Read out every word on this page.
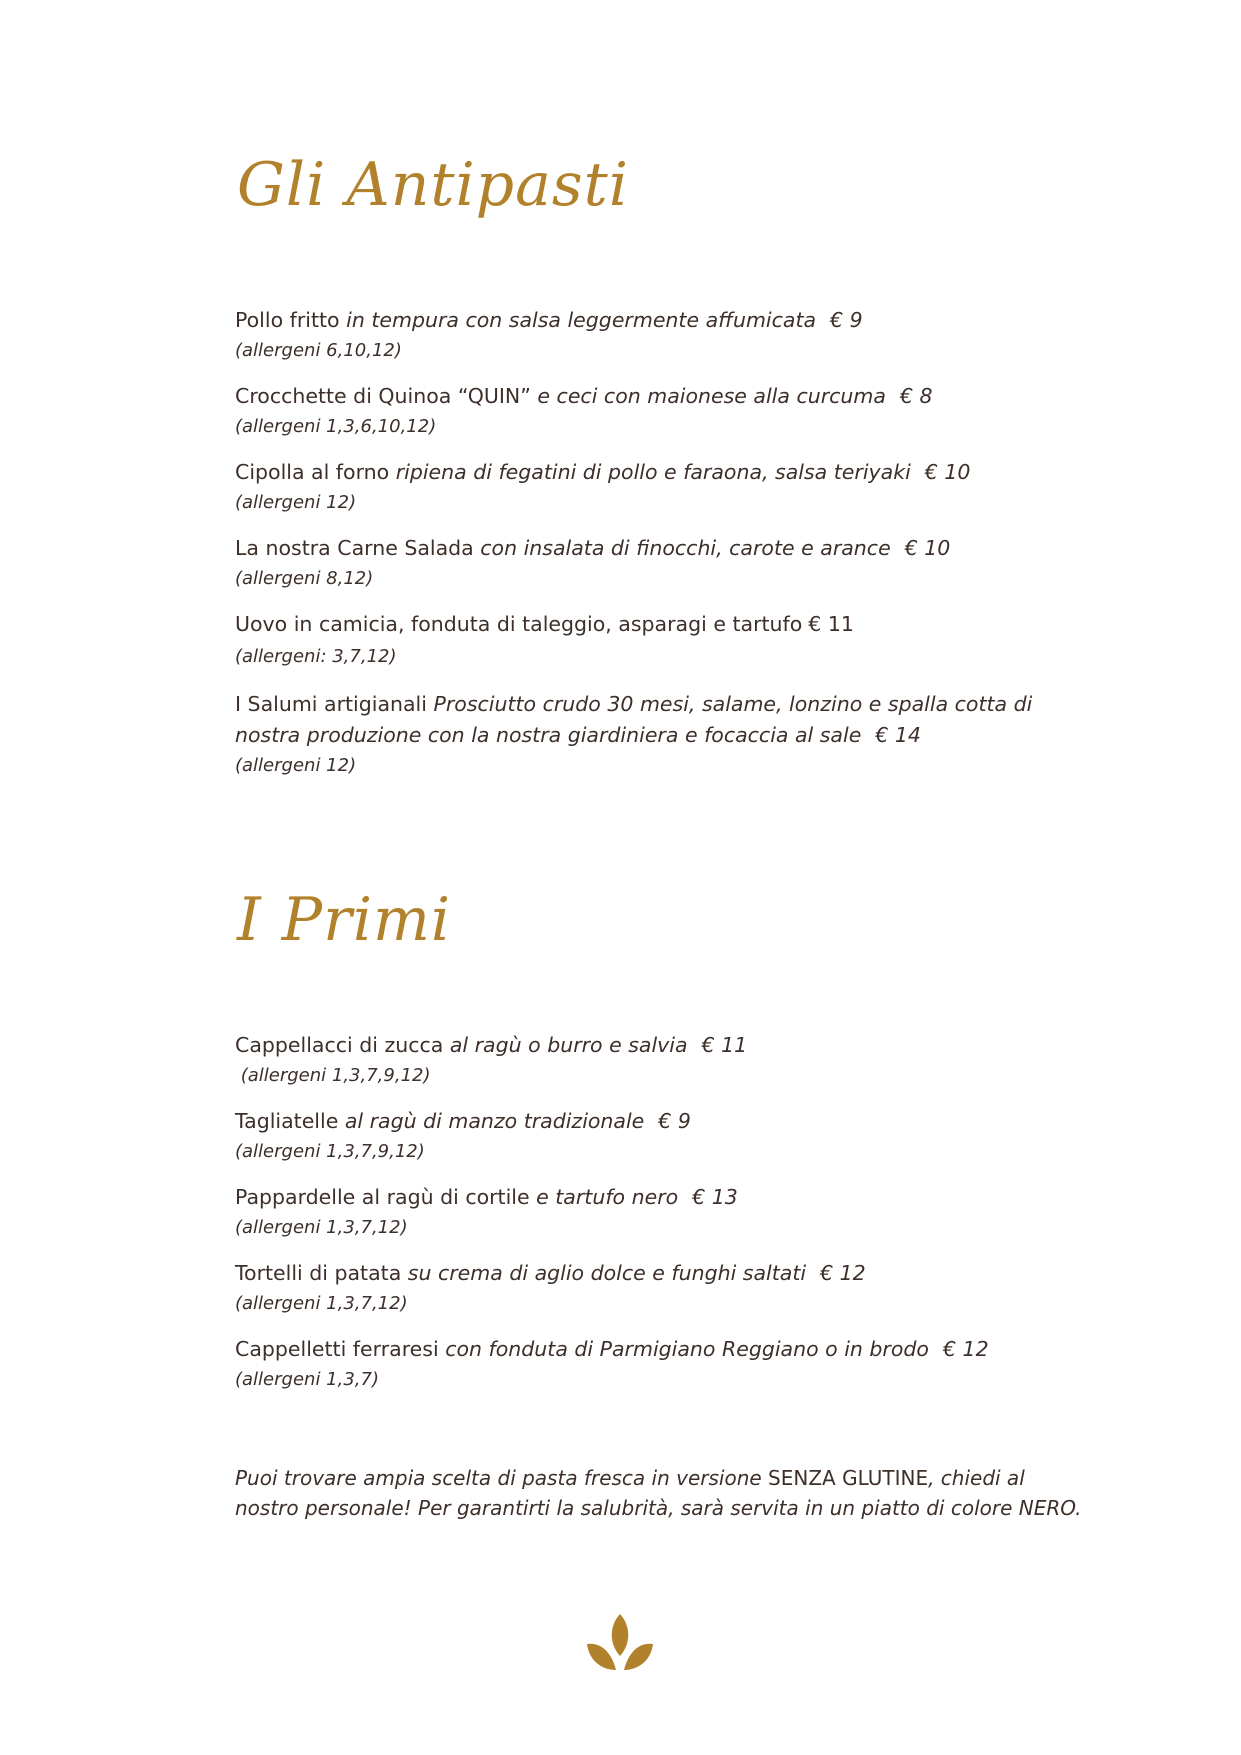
Gli Antipasti
Pollo fritto in tempura con salsa leggermente affumicata € 9
(allergeni 6,10,12)
Crocchette di Quinoa “QUIN” e ceci con maionese alla curcuma € 8
(allergeni 1,3,6,10,12)
Cipolla al forno ripiena di fegatini di pollo e faraona, salsa teriyaki € 10
(allergeni 12)
La nostra Carne Salada con insalata di finocchi, carote e arance € 10
(allergeni 8,12)
Uovo in camicia, fonduta di taleggio, asparagi e tartufo € 11
(allergeni: 3,7,12)
I Salumi artigianali Prosciutto crudo 30 mesi, salame, lonzino e spalla cotta di
nostra produzione con la nostra giardiniera e focaccia al sale € 14
(allergeni 12)
I Primi
Cappellacci di zucca al ragù o burro e salvia € 11
(allergeni 1,3,7,9,12)
Tagliatelle al ragù di manzo tradizionale € 9
(allergeni 1,3,7,9,12)
Pappardelle al ragù di cortile e tartufo nero € 13
(allergeni 1,3,7,12)
Tortelli di patata su crema di aglio dolce e funghi saltati € 12
(allergeni 1,3,7,12)
Cappelletti ferraresi con fonduta di Parmigiano Reggiano o in brodo € 12
(allergeni 1,3,7)
Puoi trovare ampia scelta di pasta fresca in versione SENZA GLUTINE, chiedi al
nostro personale! Per garantirti la salubrità, sarà servita in un piatto di colore NERO.
